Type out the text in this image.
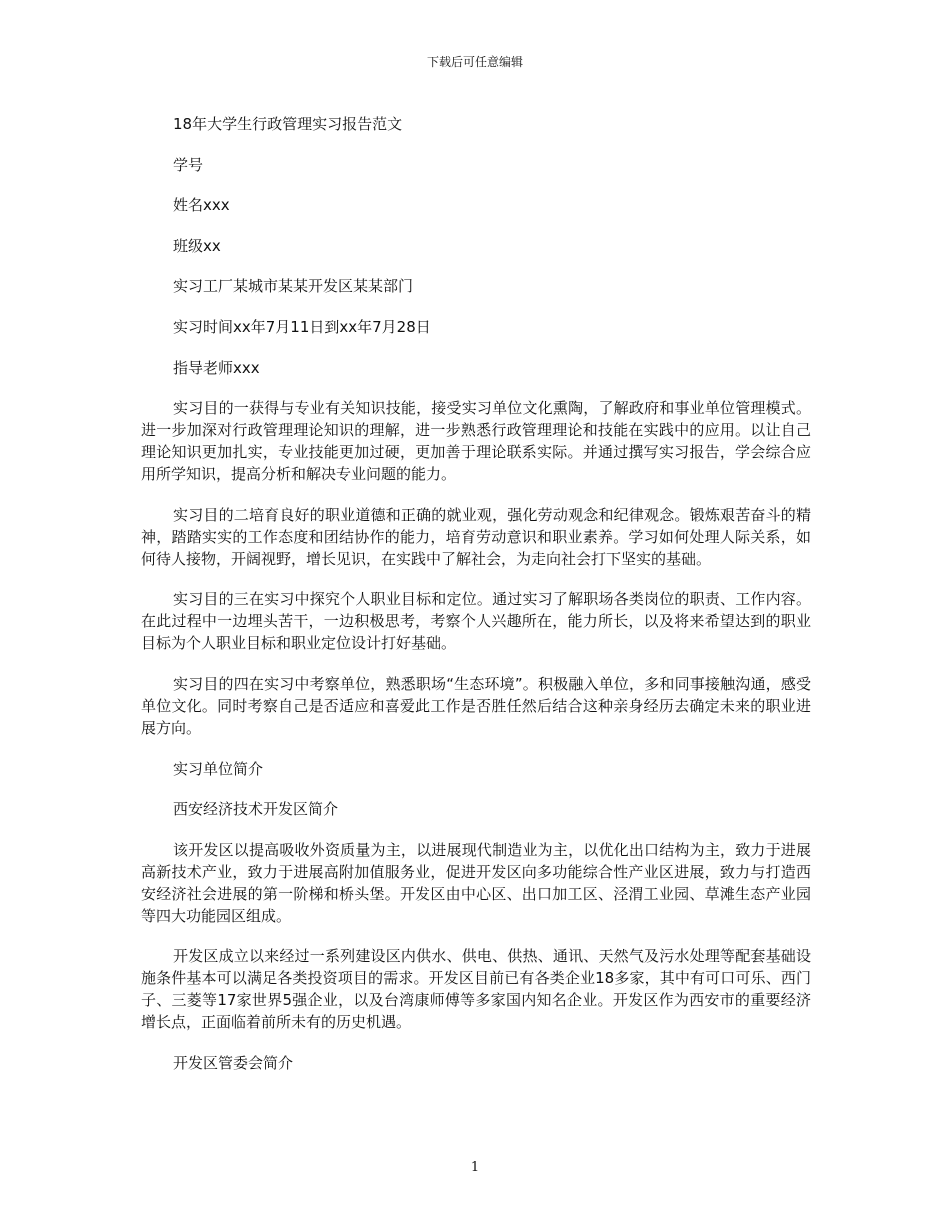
下载后可任意编辑
18年大学生行政管理实习报告范文
学号
姓名xxx
班级xx
实习工厂某城市某某开发区某某部门
实习时间xx年7月11日到xx年7月28日
指导老师xxx

实习目的一获得与专业有关知识技能，接受实习单位文化熏陶，了解政府和事业单位管理模式。进一步加深对行政管理理论知识的理解，进一步熟悉行政管理理论和技能在实践中的应用。以让自己理论知识更加扎实，专业技能更加过硬，更加善于理论联系实际。并通过撰写实习报告，学会综合应用所学知识，提高分析和解决专业问题的能力。

实习目的二培育良好的职业道德和正确的就业观，强化劳动观念和纪律观念。锻炼艰苦奋斗的精神，踏踏实实的工作态度和团结协作的能力，培育劳动意识和职业素养。学习如何处理人际关系，如何待人接物，开阔视野，增长见识，在实践中了解社会，为走向社会打下坚实的基础。

实习目的三在实习中探究个人职业目标和定位。通过实习了解职场各类岗位的职责、工作内容。在此过程中一边埋头苦干，一边积极思考，考察个人兴趣所在，能力所长，以及将来希望达到的职业目标为个人职业目标和职业定位设计打好基础。

实习目的四在实习中考察单位，熟悉职场“生态环境”。积极融入单位，多和同事接触沟通，感受单位文化。同时考察自己是否适应和喜爱此工作是否胜任然后结合这种亲身经历去确定未来的职业进展方向。

实习单位简介
西安经济技术开发区简介

该开发区以提高吸收外资质量为主，以进展现代制造业为主，以优化出口结构为主，致力于进展高新技术产业，致力于进展高附加值服务业，促进开发区向多功能综合性产业区进展，致力与打造西安经济社会进展的第一阶梯和桥头堡。开发区由中心区、出口加工区、泾渭工业园、草滩生态产业园等四大功能园区组成。

开发区成立以来经过一系列建设区内供水、供电、供热、通讯、天然气及污水处理等配套基础设施条件基本可以满足各类投资项目的需求。开发区目前已有各类企业18多家，其中有可口可乐、西门子、三菱等17家世界5强企业，以及台湾康师傅等多家国内知名企业。开发区作为西安市的重要经济增长点，正面临着前所未有的历史机遇。

开发区管委会简介
1
